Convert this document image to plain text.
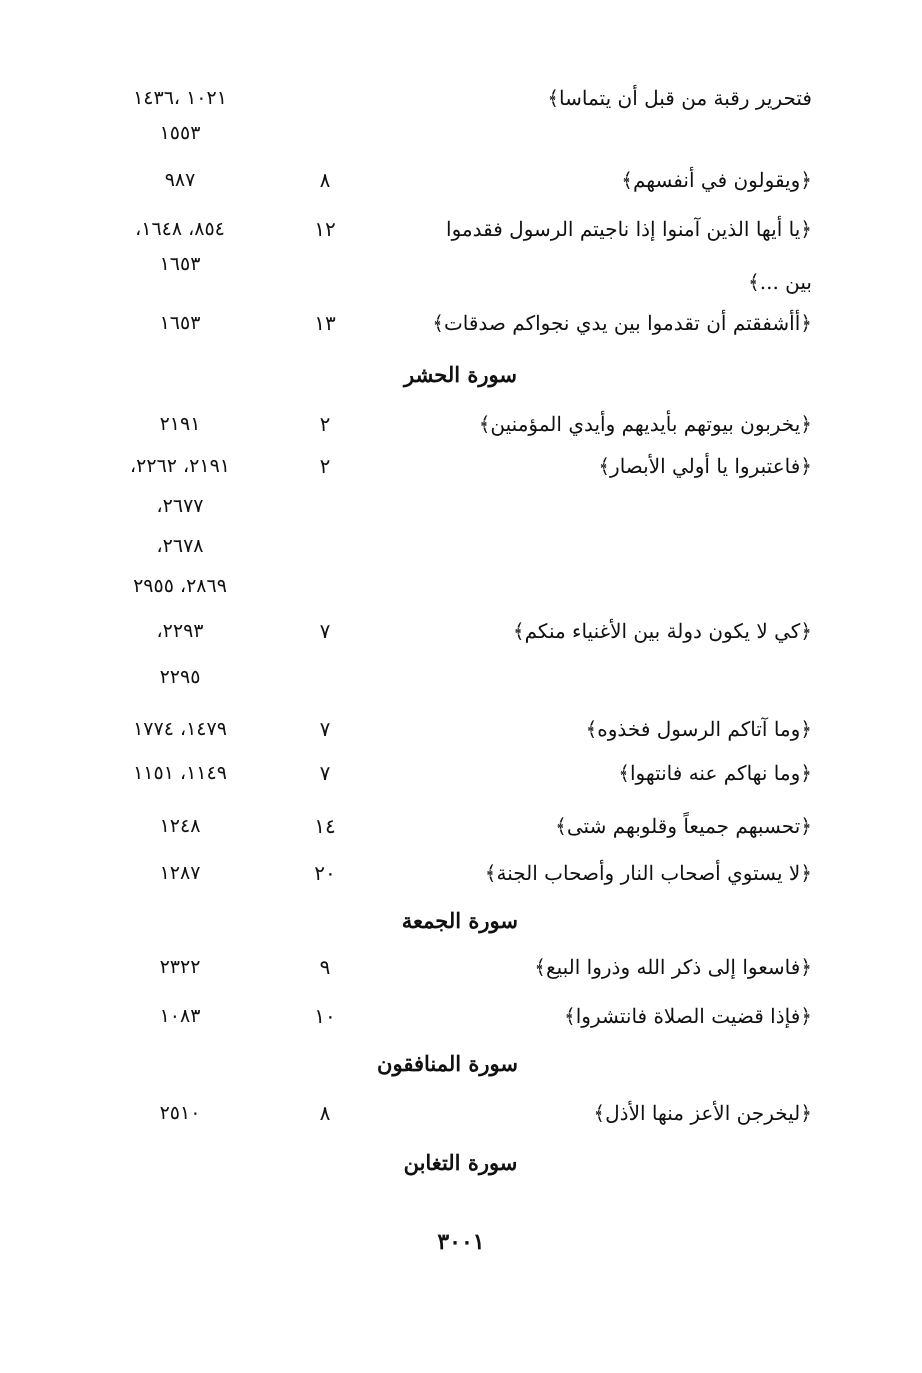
فتحرير رقبة من قبل أن يتماسا﴾
١٠٢١ ،١٤٣٦
١٥٥٣
﴿ويقولون في أنفسهم﴾
٨
٩٨٧
﴿يا أيها الذين آمنوا إذا ناجيتم الرسول فقدموا
١٢
٨٥٤، ١٦٤٨،
١٦٥٣
بين ...﴾
﴿أأشفقتم أن تقدموا بين يدي نجواكم صدقات﴾
١٣
١٦٥٣
سورة الحشر
﴿يخربون بيوتهم بأيديهم وأيدي المؤمنين﴾
٢
٢١٩١
﴿فاعتبروا يا أولي الأبصار﴾
٢
٢١٩١، ٢٢٦٢،
٢٦٧٧،
٢٦٧٨،
٢٨٦٩، ٢٩٥٥
﴿كي لا يكون دولة بين الأغنياء منكم﴾
٧
٢٢٩٣،
٢٢٩٥
﴿وما آتاكم الرسول فخذوه﴾
٧
١٤٧٩، ١٧٧٤
﴿وما نهاكم عنه فانتهوا﴾
٧
١١٤٩، ١١٥١
﴿تحسبهم جميعاً وقلوبهم شتى﴾
١٤
١٢٤٨
﴿لا يستوي أصحاب النار وأصحاب الجنة﴾
٢٠
١٢٨٧
سورة الجمعة
﴿فاسعوا إلى ذكر الله وذروا البيع﴾
٩
٢٣٢٢
﴿فإذا قضيت الصلاة فانتشروا﴾
١٠
١٠٨٣
سورة المنافقون
﴿ليخرجن الأعز منها الأذل﴾
٨
٢٥١٠
سورة التغابن
٣٠٠١
